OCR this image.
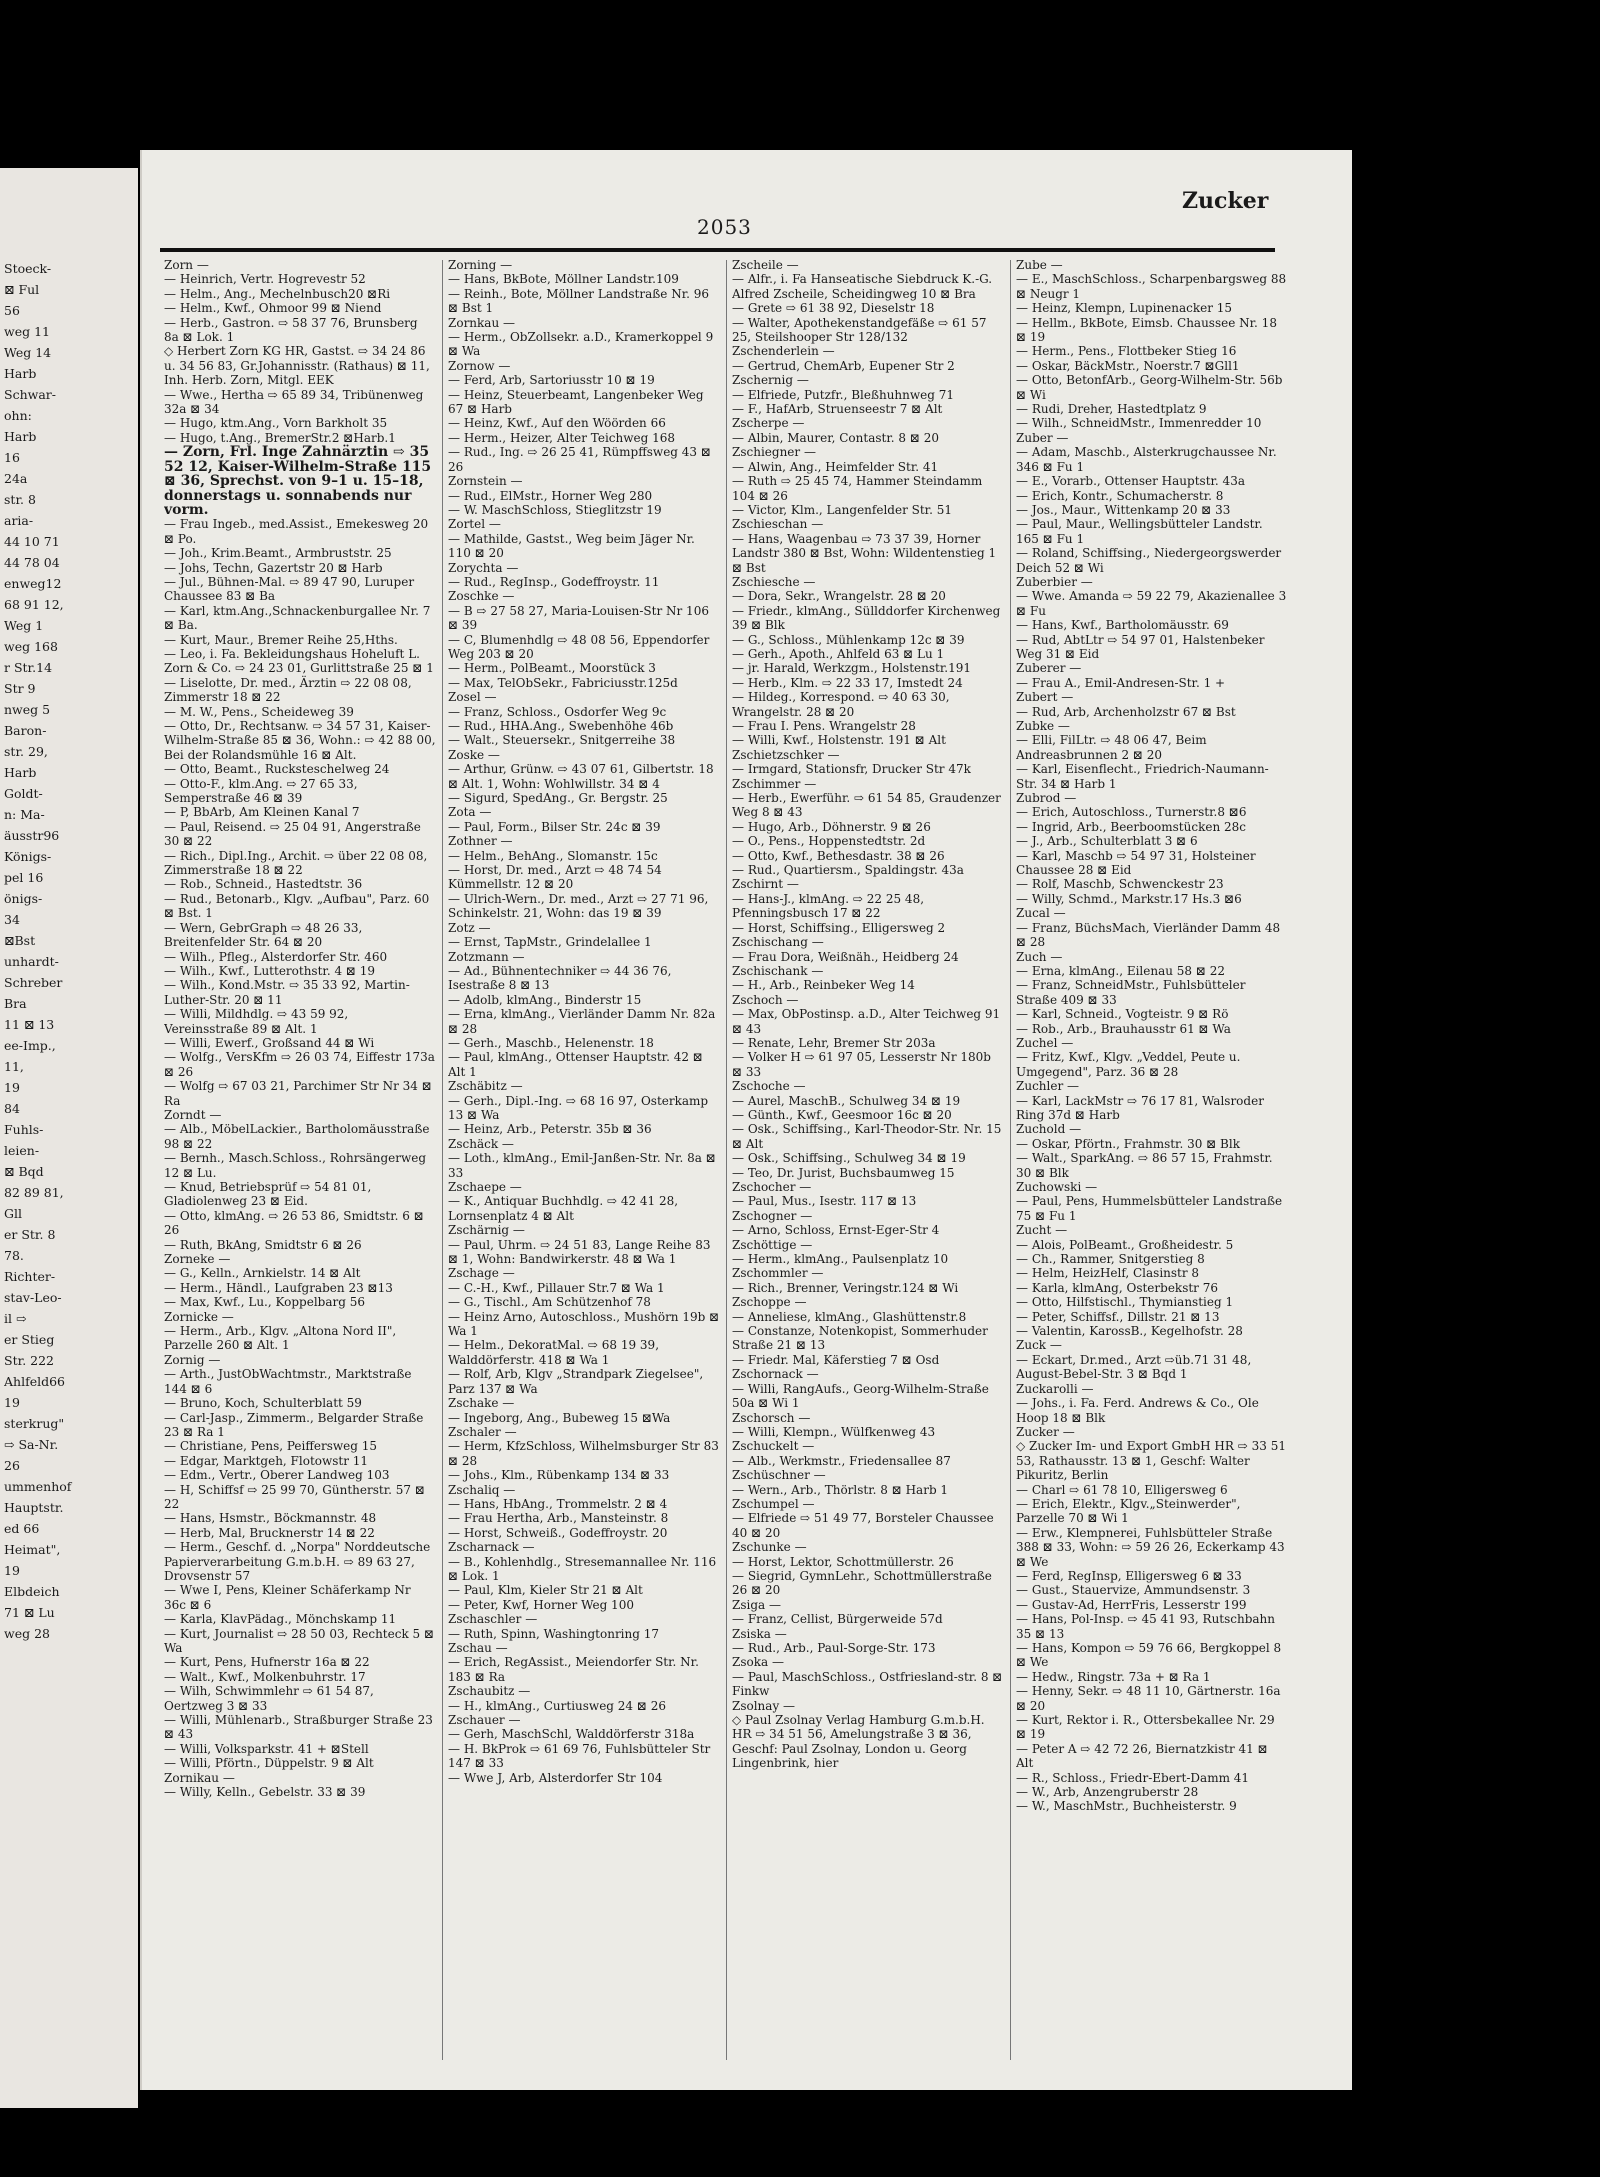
Stoeck-
⊠ Ful
56
weg 11
Weg 14
Harb
Schwar-
ohn:
Harb
16
24a
str. 8
aria-
44 10 71
44 78 04
enweg12
68 91 12,
Weg 1
weg 168
r Str.14
Str 9
nweg 5
Baron-
str. 29,
Harb
Goldt-
n: Ma-
äusstr96
Königs-
pel 16
önigs-
34
⊠Bst
unhardt-
Schreber
Bra
11 ⊠ 13
ee-Imp.,
11,
19
84
Fuhls-
leien-
⊠ Bqd
82 89 81,
Gll
er Str. 8
78.
Richter-
stav-Leo-
il ⇨
er Stieg
Str. 222
Ahlfeld66
19
sterkrug"
⇨ Sa-Nr.
26
ummenhof
Hauptstr.
ed 66
Heimat",
19
Elbdeich
71 ⊠ Lu
weg 28
2053
Zucker

Zorn —

— Heinrich, Vertr. Hogrevestr 52

— Helm., Ang., Mechelnbusch20 ⊠Ri

— Helm., Kwf., Ohmoor 99 ⊠ Niend

— Herb., Gastron. ⇨ 58 37 76, Brunsberg 8a ⊠ Lok. 1

◇ Herbert Zorn KG HR, Gastst. ⇨ 34 24 86 u. 34 56 83, Gr.Johannisstr. (Rathaus) ⊠ 11, Inh. Herb. Zorn, Mitgl. EEK

— Wwe., Hertha ⇨ 65 89 34, Tribünenweg 32a ⊠ 34

— Hugo, ktm.Ang., Vorn Barkholt 35

— Hugo, t.Ang., BremerStr.2 ⊠Harb.1

— Zorn, Frl. Inge Zahnärztin ⇨ 35 52 12, Kaiser-Wilhelm-Straße 115 ⊠ 36, Sprechst. von 9–1 u. 15–18, donnerstags u. sonnabends nur vorm.

— Frau Ingeb., med.Assist., Emekesweg 20 ⊠ Po.

— Joh., Krim.Beamt., Armbruststr. 25

— Johs, Techn, Gazertstr 20 ⊠ Harb

— Jul., Bühnen-Mal. ⇨ 89 47 90, Luruper Chaussee 83 ⊠ Ba

— Karl, ktm.Ang.,Schnackenburgallee Nr. 7 ⊠ Ba.

— Kurt, Maur., Bremer Reihe 25,Hths.

— Leo, i. Fa. Bekleidungshaus Hoheluft L. Zorn & Co. ⇨ 24 23 01, Gurlittstraße 25 ⊠ 1

— Liselotte, Dr. med., Ärztin ⇨ 22 08 08, Zimmerstr 18 ⊠ 22

— M. W., Pens., Scheideweg 39

— Otto, Dr., Rechtsanw. ⇨ 34 57 31, Kaiser-Wilhelm-Straße 85 ⊠ 36, Wohn.: ⇨ 42 88 00, Bei der Rolandsmühle 16 ⊠ Alt.

— Otto, Beamt., Rucksteschelweg 24

— Otto-F., klm.Ang. ⇨ 27 65 33, Semperstraße 46 ⊠ 39

— P, BbArb, Am Kleinen Kanal 7

— Paul, Reisend. ⇨ 25 04 91, Angerstraße 30 ⊠ 22

— Rich., Dipl.Ing., Archit. ⇨ über 22 08 08, Zimmerstraße 18 ⊠ 22

— Rob., Schneid., Hastedtstr. 36

— Rud., Betonarb., Klgv. „Aufbau", Parz. 60 ⊠ Bst. 1

— Wern, GebrGraph ⇨ 48 26 33, Breitenfelder Str. 64 ⊠ 20

— Wilh., Pfleg., Alsterdorfer Str. 460

— Wilh., Kwf., Lutterothstr. 4 ⊠ 19

— Wilh., Kond.Mstr. ⇨ 35 33 92, Martin-Luther-Str. 20 ⊠ 11

— Willi, Mildhdlg. ⇨ 43 59 92, Vereinsstraße 89 ⊠ Alt. 1

— Willi, Ewerf., Großsand 44 ⊠ Wi

— Wolfg., VersKfm ⇨ 26 03 74, Eiffestr 173a ⊠ 26

— Wolfg ⇨ 67 03 21, Parchimer Str Nr 34 ⊠ Ra

Zorndt —

— Alb., MöbelLackier., Bartholomäusstraße 98 ⊠ 22

— Bernh., Masch.Schloss., Rohrsängerweg 12 ⊠ Lu.

— Knud, Betriebsprüf ⇨ 54 81 01, Gladiolenweg 23 ⊠ Eid.

— Otto, klmAng. ⇨ 26 53 86, Smidtstr. 6 ⊠ 26

— Ruth, BkAng, Smidtstr 6 ⊠ 26

Zorneke —

— G., Kelln., Arnkielstr. 14 ⊠ Alt

— Herm., Händl., Laufgraben 23 ⊠13

— Max, Kwf., Lu., Koppelbarg 56

Zornicke —

— Herm., Arb., Klgv. „Altona Nord II", Parzelle 260 ⊠ Alt. 1

Zornig —

— Arth., JustObWachtmstr., Marktstraße 144 ⊠ 6

— Bruno, Koch, Schulterblatt 59

— Carl-Jasp., Zimmerm., Belgarder Straße 23 ⊠ Ra 1

— Christiane, Pens, Peiffersweg 15

— Edgar, Marktgeh, Flotowstr 11

— Edm., Vertr., Oberer Landweg 103

— H, Schiffsf ⇨ 25 99 70, Güntherstr. 57 ⊠ 22

— Hans, Hsmstr., Böckmannstr. 48

— Herb, Mal, Brucknerstr 14 ⊠ 22

— Herm., Geschf. d. „Norpa" Norddeutsche Papierverarbeitung G.m.b.H. ⇨ 89 63 27, Drovsenstr 57

— Wwe I, Pens, Kleiner Schäferkamp Nr 36c ⊠ 6

— Karla, KlavPädag., Mönchskamp 11

— Kurt, Journalist ⇨ 28 50 03, Rechteck 5 ⊠ Wa

— Kurt, Pens, Hufnerstr 16a ⊠ 22

— Walt., Kwf., Molkenbuhrstr. 17

— Wilh, Schwimmlehr ⇨ 61 54 87, Oertzweg 3 ⊠ 33

— Willi, Mühlenarb., Straßburger Straße 23 ⊠ 43

— Willi, Volksparkstr. 41 + ⊠Stell

— Willi, Pförtn., Düppelstr. 9 ⊠ Alt

Zornikau —

— Willy, Kelln., Gebelstr. 33 ⊠ 39

Zorning —

— Hans, BkBote, Möllner Landstr.109

— Reinh., Bote, Möllner Landstraße Nr. 96 ⊠ Bst 1

Zornkau —

— Herm., ObZollsekr. a.D., Kramerkoppel 9 ⊠ Wa

Zornow —

— Ferd, Arb, Sartoriusstr 10 ⊠ 19

— Heinz, Steuerbeamt, Langenbeker Weg 67 ⊠ Harb

— Heinz, Kwf., Auf den Wöörden 66

— Herm., Heizer, Alter Teichweg 168

— Rud., Ing. ⇨ 26 25 41, Rümpffsweg 43 ⊠ 26

Zornstein —

— Rud., ElMstr., Horner Weg 280

— W. MaschSchloss, Stieglitzstr 19

Zortel —

— Mathilde, Gastst., Weg beim Jäger Nr. 110 ⊠ 20

Zorychta —

— Rud., RegInsp., Godeffroystr. 11

Zoschke —

— B ⇨ 27 58 27, Maria-Louisen-Str Nr 106 ⊠ 39

— C, Blumenhdlg ⇨ 48 08 56, Eppendorfer Weg 203 ⊠ 20

— Herm., PolBeamt., Moorstück 3

— Max, TelObSekr., Fabriciusstr.125d

Zosel —

— Franz, Schloss., Osdorfer Weg 9c

— Rud., HHA.Ang., Swebenhöhe 46b

— Walt., Steuersekr., Snitgerreihe 38

Zoske —

— Arthur, Grünw. ⇨ 43 07 61, Gilbertstr. 18 ⊠ Alt. 1, Wohn: Wohlwillstr. 34 ⊠ 4

— Sigurd, SpedAng., Gr. Bergstr. 25

Zota —

— Paul, Form., Bilser Str. 24c ⊠ 39

Zothner —

— Helm., BehAng., Slomanstr. 15c

— Horst, Dr. med., Arzt ⇨ 48 74 54 Kümmellstr. 12 ⊠ 20

— Ulrich-Wern., Dr. med., Arzt ⇨ 27 71 96, Schinkelstr. 21, Wohn: das 19 ⊠ 39

Zotz —

— Ernst, TapMstr., Grindelallee 1

Zotzmann —

— Ad., Bühnentechniker ⇨ 44 36 76, Isestraße 8 ⊠ 13

— Adolb, klmAng., Binderstr 15

— Erna, klmAng., Vierländer Damm Nr. 82a ⊠ 28

— Gerh., Maschb., Helenenstr. 18

— Paul, klmAng., Ottenser Hauptstr. 42 ⊠ Alt 1

Zschäbitz —

— Gerh., Dipl.-Ing. ⇨ 68 16 97, Osterkamp 13 ⊠ Wa

— Heinz, Arb., Peterstr. 35b ⊠ 36

Zschäck —

— Loth., klmAng., Emil-Janßen-Str. Nr. 8a ⊠ 33

Zschaepe —

— K., Antiquar Buchhdlg. ⇨ 42 41 28, Lornsenplatz 4 ⊠ Alt

Zschärnig —

— Paul, Uhrm. ⇨ 24 51 83, Lange Reihe 83 ⊠ 1, Wohn: Bandwirkerstr. 48 ⊠ Wa 1

Zschage —

— C.-H., Kwf., Pillauer Str.7 ⊠ Wa 1

— G., Tischl., Am Schützenhof 78

— Heinz Arno, Autoschloss., Mushörn 19b ⊠ Wa 1

— Helm., DekoratMal. ⇨ 68 19 39, Walddörferstr. 418 ⊠ Wa 1

— Rolf, Arb, Klgv „Strandpark Ziegelsee", Parz 137 ⊠ Wa

Zschake —

— Ingeborg, Ang., Bubeweg 15 ⊠Wa

Zschaler —

— Herm, KfzSchloss, Wilhelmsburger Str 83 ⊠ 28

— Johs., Klm., Rübenkamp 134 ⊠ 33

Zschaliq —

— Hans, HbAng., Trommelstr. 2 ⊠ 4

— Frau Hertha, Arb., Mansteinstr. 8

— Horst, Schweiß., Godeffroystr. 20

Zscharnack —

— B., Kohlenhdlg., Stresemannallee Nr. 116 ⊠ Lok. 1

— Paul, Klm, Kieler Str 21 ⊠ Alt

— Peter, Kwf, Horner Weg 100

Zschaschler —

— Ruth, Spinn, Washingtonring 17

Zschau —

— Erich, RegAssist., Meiendorfer Str. Nr. 183 ⊠ Ra

Zschaubitz —

— H., klmAng., Curtiusweg 24 ⊠ 26

Zschauer —

— Gerh, MaschSchl, Walddörferstr 318a

— H. BkProk ⇨ 61 69 76, Fuhlsbütteler Str 147 ⊠ 33

— Wwe J, Arb, Alsterdorfer Str 104

Zscheile —

— Alfr., i. Fa Hanseatische Siebdruck K.-G. Alfred Zscheile, Scheidingweg 10 ⊠ Bra

— Grete ⇨ 61 38 92, Dieselstr 18

— Walter, Apothekenstandgefäße ⇨ 61 57 25, Steilshooper Str 128/132

Zschenderlein —

— Gertrud, ChemArb, Eupener Str 2

Zschernig —

— Elfriede, Putzfr., Bleßhuhnweg 71

— F., HafArb, Struenseestr 7 ⊠ Alt

Zscherpe —

— Albin, Maurer, Contastr. 8 ⊠ 20

Zschiegner —

— Alwin, Ang., Heimfelder Str. 41

— Ruth ⇨ 25 45 74, Hammer Steindamm 104 ⊠ 26

— Victor, Klm., Langenfelder Str. 51

Zschieschan —

— Hans, Waagenbau ⇨ 73 37 39, Horner Landstr 380 ⊠ Bst, Wohn: Wildentenstieg 1 ⊠ Bst

Zschiesche —

— Dora, Sekr., Wrangelstr. 28 ⊠ 20

— Friedr., klmAng., Süllddorfer Kirchenweg 39 ⊠ Blk

— G., Schloss., Mühlenkamp 12c ⊠ 39

— Gerh., Apoth., Ahlfeld 63 ⊠ Lu 1

— jr. Harald, Werkzgm., Holstenstr.191

— Herb., Klm. ⇨ 22 33 17, Imstedt 24

— Hildeg., Korrespond. ⇨ 40 63 30, Wrangelstr. 28 ⊠ 20

— Frau I. Pens. Wrangelstr 28

— Willi, Kwf., Holstenstr. 191 ⊠ Alt

Zschietzschker —

— Irmgard, Stationsfr, Drucker Str 47k

Zschimmer —

— Herb., Ewerführ. ⇨ 61 54 85, Graudenzer Weg 8 ⊠ 43

— Hugo, Arb., Döhnerstr. 9 ⊠ 26

— O., Pens., Hoppenstedtstr. 2d

— Otto, Kwf., Bethesdastr. 38 ⊠ 26

— Rud., Quartiersm., Spaldingstr. 43a

Zschirnt —

— Hans-J., klmAng. ⇨ 22 25 48, Pfenningsbusch 17 ⊠ 22

— Horst, Schiffsing., Elligersweg 2

Zschischang —

— Frau Dora, Weißnäh., Heidberg 24

Zschischank —

— H., Arb., Reinbeker Weg 14

Zschoch —

— Max, ObPostinsp. a.D., Alter Teichweg 91 ⊠ 43

— Renate, Lehr, Bremer Str 203a

— Volker H ⇨ 61 97 05, Lesserstr Nr 180b ⊠ 33

Zschoche —

— Aurel, MaschB., Schulweg 34 ⊠ 19

— Günth., Kwf., Geesmoor 16c ⊠ 20

— Osk., Schiffsing., Karl-Theodor-Str. Nr. 15 ⊠ Alt

— Osk., Schiffsing., Schulweg 34 ⊠ 19

— Teo, Dr. Jurist, Buchsbaumweg 15

Zschocher —

— Paul, Mus., Isestr. 117 ⊠ 13

Zschogner —

— Arno, Schloss, Ernst-Eger-Str 4

Zschöttige —

— Herm., klmAng., Paulsenplatz 10

Zschommler —

— Rich., Brenner, Veringstr.124 ⊠ Wi

Zschoppe —

— Anneliese, klmAng., Glashüttenstr.8

— Constanze, Notenkopist, Sommerhuder Straße 21 ⊠ 13

— Friedr. Mal, Käferstieg 7 ⊠ Osd

Zschornack —

— Willi, RangAufs., Georg-Wilhelm-Straße 50a ⊠ Wi 1

Zschorsch —

— Willi, Klempn., Wülfkenweg 43

Zschuckelt —

— Alb., Werkmstr., Friedensallee 87

Zschüschner —

— Wern., Arb., Thörlstr. 8 ⊠ Harb 1

Zschumpel —

— Elfriede ⇨ 51 49 77, Borsteler Chaussee 40 ⊠ 20

Zschunke —

— Horst, Lektor, Schottmüllerstr. 26

— Siegrid, GymnLehr., Schottmüllerstraße 26 ⊠ 20

Zsiga —

— Franz, Cellist, Bürgerweide 57d

Zsiska —

— Rud., Arb., Paul-Sorge-Str. 173

Zsoka —

— Paul, MaschSchloss., Ostfriesland-str. 8 ⊠ Finkw

Zsolnay —

◇ Paul Zsolnay Verlag Hamburg G.m.b.H. HR ⇨ 34 51 56, Amelungstraße 3 ⊠ 36, Geschf: Paul Zsolnay, London u. Georg Lingenbrink, hier

Zube —

— E., MaschSchloss., Scharpenbargsweg 88 ⊠ Neugr 1

— Heinz, Klempn, Lupinenacker 15

— Hellm., BkBote, Eimsb. Chaussee Nr. 18 ⊠ 19

— Herm., Pens., Flottbeker Stieg 16

— Oskar, BäckMstr., Noerstr.7 ⊠Gll1

— Otto, BetonfArb., Georg-Wilhelm-Str. 56b ⊠ Wi

— Rudi, Dreher, Hastedtplatz 9

— Wilh., SchneidMstr., Immenredder 10

Zuber —

— Adam, Maschb., Alsterkrugchaussee Nr. 346 ⊠ Fu 1

— E., Vorarb., Ottenser Hauptstr. 43a

— Erich, Kontr., Schumacherstr. 8

— Jos., Maur., Wittenkamp 20 ⊠ 33

— Paul, Maur., Wellingsbütteler Landstr. 165 ⊠ Fu 1

— Roland, Schiffsing., Niedergeorgswerder Deich 52 ⊠ Wi

Zuberbier —

— Wwe. Amanda ⇨ 59 22 79, Akazienallee 3 ⊠ Fu

— Hans, Kwf., Bartholomäusstr. 69

— Rud, AbtLtr ⇨ 54 97 01, Halstenbeker Weg 31 ⊠ Eid

Zuberer —

— Frau A., Emil-Andresen-Str. 1 +

Zubert —

— Rud, Arb, Archenholzstr 67 ⊠ Bst

Zubke —

— Elli, FilLtr. ⇨ 48 06 47, Beim Andreasbrunnen 2 ⊠ 20

— Karl, Eisenflecht., Friedrich-Naumann-Str. 34 ⊠ Harb 1

Zubrod —

— Erich, Autoschloss., Turnerstr.8 ⊠6

— Ingrid, Arb., Beerboomstücken 28c

— J., Arb., Schulterblatt 3 ⊠ 6

— Karl, Maschb ⇨ 54 97 31, Holsteiner Chaussee 28 ⊠ Eid

— Rolf, Maschb, Schwenckestr 23

— Willy, Schmd., Markstr.17 Hs.3 ⊠6

Zucal —

— Franz, BüchsMach, Vierländer Damm 48 ⊠ 28

Zuch —

— Erna, klmAng., Eilenau 58 ⊠ 22

— Franz, SchneidMstr., Fuhlsbütteler Straße 409 ⊠ 33

— Karl, Schneid., Vogteistr. 9 ⊠ Rö

— Rob., Arb., Brauhausstr 61 ⊠ Wa

Zuchel —

— Fritz, Kwf., Klgv. „Veddel, Peute u. Umgegend", Parz. 36 ⊠ 28

Zuchler —

— Karl, LackMstr ⇨ 76 17 81, Walsroder Ring 37d ⊠ Harb

Zuchold —

— Oskar, Pförtn., Frahmstr. 30 ⊠ Blk

— Walt., SparkAng. ⇨ 86 57 15, Frahmstr. 30 ⊠ Blk

Zuchowski —

— Paul, Pens, Hummelsbütteler Landstraße 75 ⊠ Fu 1

Zucht —

— Alois, PolBeamt., Großheidestr. 5

— Ch., Rammer, Snitgerstieg 8

— Helm, HeizHelf, Clasinstr 8

— Karla, klmAng, Osterbekstr 76

— Otto, Hilfstischl., Thymianstieg 1

— Peter, Schiffsf., Dillstr. 21 ⊠ 13

— Valentin, KarossB., Kegelhofstr. 28

Zuck —

— Eckart, Dr.med., Arzt ⇨üb.71 31 48, August-Bebel-Str. 3 ⊠ Bqd 1

Zuckarolli —

— Johs., i. Fa. Ferd. Andrews & Co., Ole Hoop 18 ⊠ Blk

Zucker —

◇ Zucker Im- und Export GmbH HR ⇨ 33 51 53, Rathausstr. 13 ⊠ 1, Geschf: Walter Pikuritz, Berlin

— Charl ⇨ 61 78 10, Elligersweg 6

— Erich, Elektr., Klgv.„Steinwerder", Parzelle 70 ⊠ Wi 1

— Erw., Klempnerei, Fuhlsbütteler Straße 388 ⊠ 33, Wohn: ⇨ 59 26 26, Eckerkamp 43 ⊠ We

— Ferd, RegInsp, Elligersweg 6 ⊠ 33

— Gust., Stauervize, Ammundsenstr. 3

— Gustav-Ad, HerrFris, Lesserstr 199

— Hans, Pol-Insp. ⇨ 45 41 93, Rutschbahn 35 ⊠ 13

— Hans, Kompon ⇨ 59 76 66, Bergkoppel 8 ⊠ We

— Hedw., Ringstr. 73a + ⊠ Ra 1

— Henny, Sekr. ⇨ 48 11 10, Gärtnerstr. 16a ⊠ 20

— Kurt, Rektor i. R., Ottersbekallee Nr. 29 ⊠ 19

— Peter A ⇨ 42 72 26, Biernatzkistr 41 ⊠ Alt

— R., Schloss., Friedr-Ebert-Damm 41

— W., Arb, Anzengruberstr 28

— W., MaschMstr., Buchheisterstr. 9
